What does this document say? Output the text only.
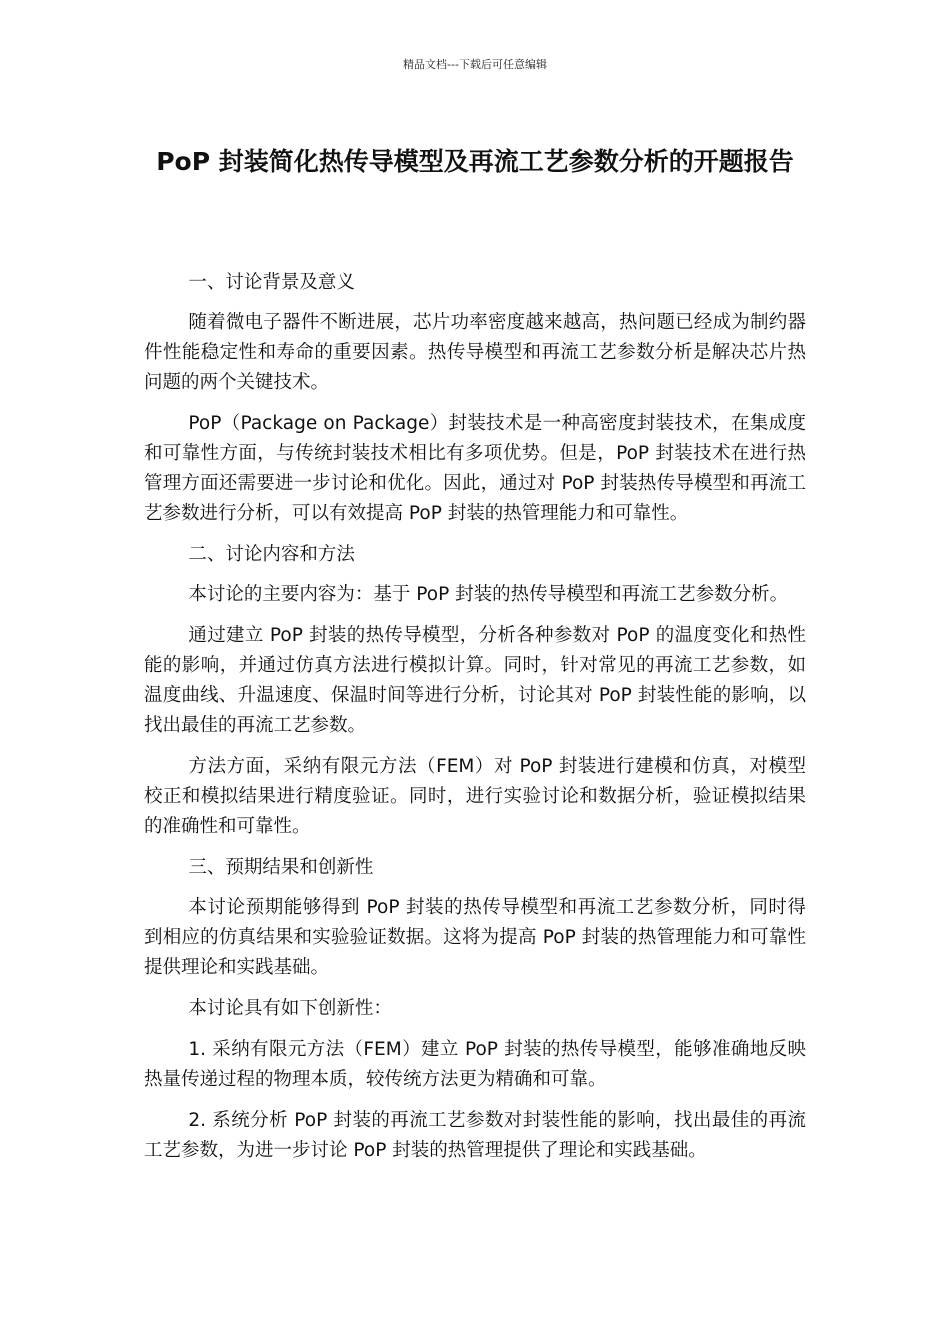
精品文档---下载后可任意编辑
PoP 封装简化热传导模型及再流工艺参数分析的开题报告

一、讨论背景及意义

随着微电子器件不断进展，芯片功率密度越来越高，热问题已经成为制约器件性能稳定性和寿命的重要因素。热传导模型和再流工艺参数分析是解决芯片热问题的两个关键技术。

PoP（Package on Package）封装技术是一种高密度封装技术，在集成度和可靠性方面，与传统封装技术相比有多项优势。但是，PoP 封装技术在进行热管理方面还需要进一步讨论和优化。因此，通过对 PoP 封装热传导模型和再流工艺参数进行分析，可以有效提高 PoP 封装的热管理能力和可靠性。

二、讨论内容和方法

本讨论的主要内容为：基于 PoP 封装的热传导模型和再流工艺参数分析。

通过建立 PoP 封装的热传导模型，分析各种参数对 PoP 的温度变化和热性能的影响，并通过仿真方法进行模拟计算。同时，针对常见的再流工艺参数，如温度曲线、升温速度、保温时间等进行分析，讨论其对 PoP 封装性能的影响，以找出最佳的再流工艺参数。

方法方面，采纳有限元方法（FEM）对 PoP 封装进行建模和仿真，对模型校正和模拟结果进行精度验证。同时，进行实验讨论和数据分析，验证模拟结果的准确性和可靠性。

三、预期结果和创新性

本讨论预期能够得到 PoP 封装的热传导模型和再流工艺参数分析，同时得到相应的仿真结果和实验验证数据。这将为提高 PoP 封装的热管理能力和可靠性提供理论和实践基础。

本讨论具有如下创新性：

1. 采纳有限元方法（FEM）建立 PoP 封装的热传导模型，能够准确地反映热量传递过程的物理本质，较传统方法更为精确和可靠。

2. 系统分析 PoP 封装的再流工艺参数对封装性能的影响，找出最佳的再流工艺参数，为进一步讨论 PoP 封装的热管理提供了理论和实践基础。
